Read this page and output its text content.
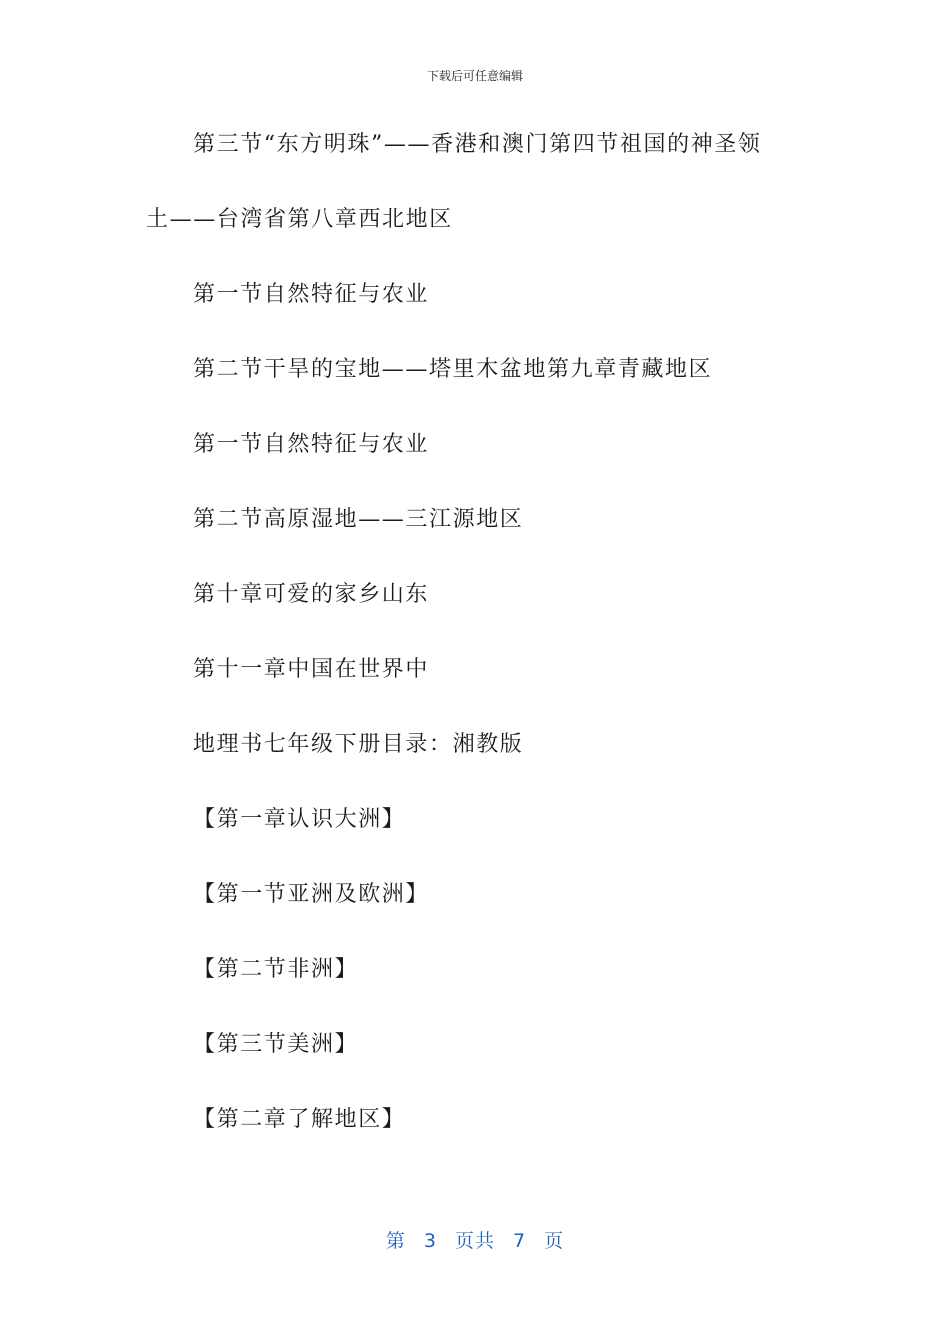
下载后可任意编辑

第三节“东方明珠”——香港和澳门第四节祖国的神圣领

土——台湾省第八章西北地区

第一节自然特征与农业

第二节干旱的宝地——塔里木盆地第九章青藏地区

第一节自然特征与农业

第二节高原湿地——三江源地区

第十章可爱的家乡山东

第十一章中国在世界中

地理书七年级下册目录：湘教版

【第一章认识大洲】

【第一节亚洲及欧洲】

【第二节非洲】

【第三节美洲】

【第二章了解地区】

第 3 页共 7 页
